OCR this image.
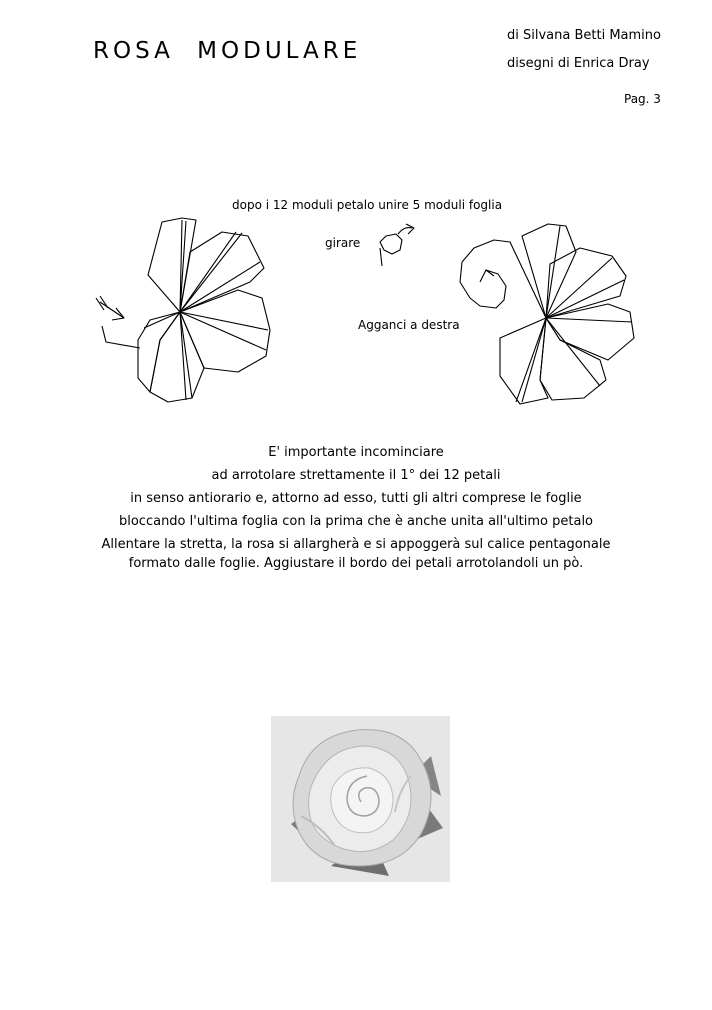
ROSA MODULARE
di Silvana Betti Mamino
disegni di Enrica Dray
Pag. 3
dopo i 12 moduli petalo unire 5 moduli foglia
girare
Agganci a destra
E' importante incominciare
ad arrotolare strettamente il 1° dei 12 petali
in senso antiorario e, attorno ad esso, tutti gli altri comprese le foglie
bloccando l'ultima foglia con la prima che è anche unita all'ultimo petalo
Allentare la stretta, la rosa si allargherà e si appoggerà sul calice pentagonale
formato dalle foglie. Aggiustare il bordo dei petali arrotolandoli un pò.
